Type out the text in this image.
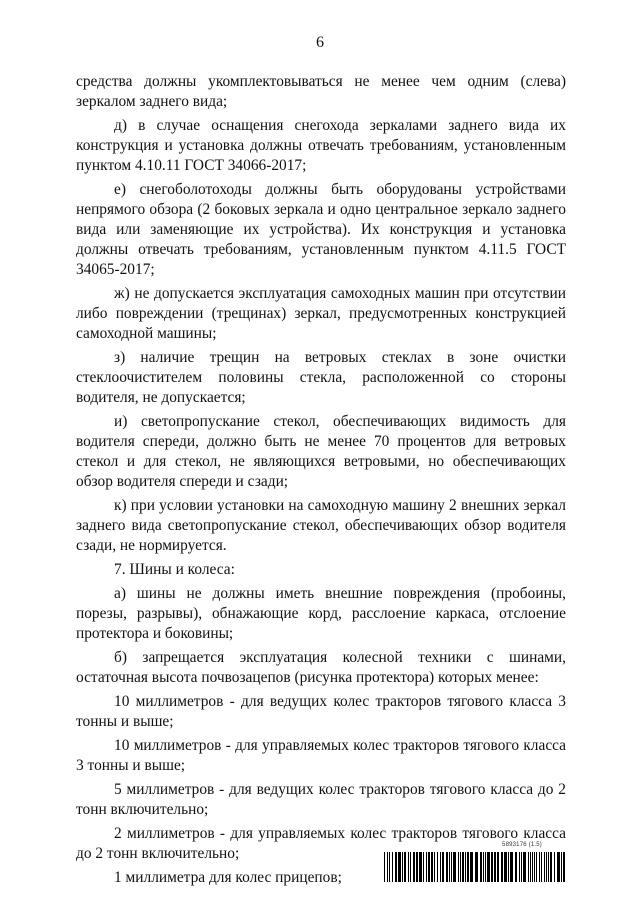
6

средства должны укомплектовываться не менее чем одним (слева) зеркалом заднего вида;

д) в случае оснащения снегохода зеркалами заднего вида их конструкция и установка должны отвечать требованиям, установленным пунктом 4.10.11 ГОСТ 34066-2017;

е) снегоболотоходы должны быть оборудованы устройствами непрямого обзора (2 боковых зеркала и одно центральное зеркало заднего вида или заменяющие их устройства). Их конструкция и установка должны отвечать требованиям, установленным пунктом 4.11.5 ГОСТ 34065-2017;

ж) не допускается эксплуатация самоходных машин при отсутствии либо повреждении (трещинах) зеркал, предусмотренных конструкцией самоходной машины;

з) наличие трещин на ветровых стеклах в зоне очистки стеклоочистителем половины стекла, расположенной со стороны водителя, не допускается;

и) светопропускание стекол, обеспечивающих видимость для водителя спереди, должно быть не менее 70 процентов для ветровых стекол и для стекол, не являющихся ветровыми, но обеспечивающих обзор водителя спереди и сзади;

к) при условии установки на самоходную машину 2 внешних зеркал заднего вида светопропускание стекол, обеспечивающих обзор водителя сзади, не нормируется.

7. Шины и колеса:

а) шины не должны иметь внешние повреждения (пробоины, порезы, разрывы), обнажающие корд, расслоение каркаса, отслоение протектора и боковины;

б) запрещается эксплуатация колесной техники с шинами, остаточная высота почвозацепов (рисунка протектора) которых менее:

10 миллиметров - для ведущих колес тракторов тягового класса 3 тонны и выше;

10 миллиметров - для управляемых колес тракторов тягового класса 3 тонны и выше;

5 миллиметров - для ведущих колес тракторов тягового класса до 2 тонн включительно;

2 миллиметров - для управляемых колес тракторов тягового класса до 2 тонн включительно;

1 миллиметра для колес прицепов;

5893176 (1.5)
